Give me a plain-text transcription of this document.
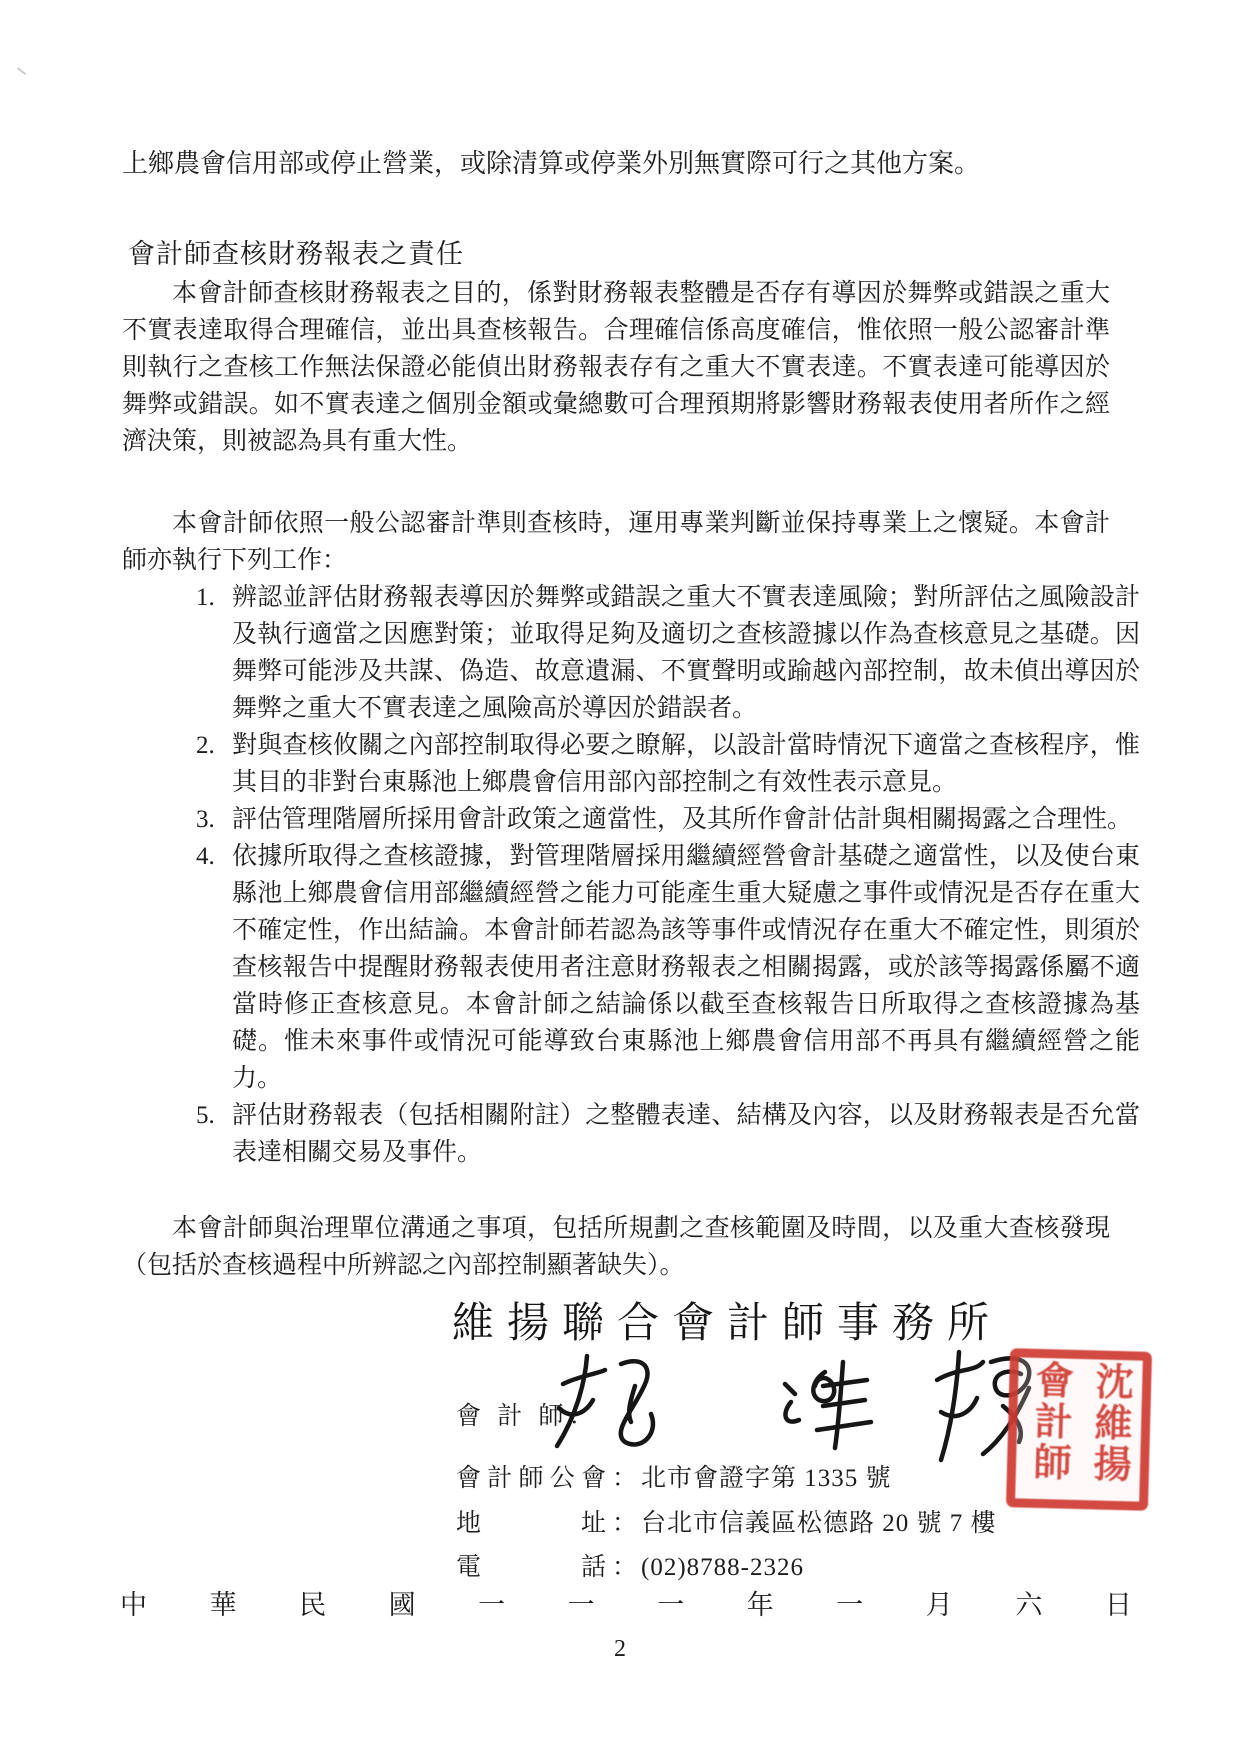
上鄉農會信用部或停止營業，或除清算或停業外別無實際可行之其他方案。
會計師查核財務報表之責任

本會計師查核財務報表之目的，係對財務報表整體是否存有導因於舞弊或錯誤之重大不實表達取得合理確信，並出具查核報告。合理確信係高度確信，惟依照一般公認審計準則執行之查核工作無法保證必能偵出財務報表存有之重大不實表達。不實表達可能導因於舞弊或錯誤。如不實表達之個別金額或彙總數可合理預期將影響財務報表使用者所作之經濟決策，則被認為具有重大性。

本會計師依照一般公認審計準則查核時，運用專業判斷並保持專業上之懷疑。本會計師亦執行下列工作：

1. 辨認並評估財務報表導因於舞弊或錯誤之重大不實表達風險；對所評估之風險設計及執行適當之因應對策；並取得足夠及適切之查核證據以作為查核意見之基礎。因舞弊可能涉及共謀、偽造、故意遺漏、不實聲明或踰越內部控制，故未偵出導因於舞弊之重大不實表達之風險高於導因於錯誤者。
2. 對與查核攸關之內部控制取得必要之瞭解，以設計當時情況下適當之查核程序，惟其目的非對台東縣池上鄉農會信用部內部控制之有效性表示意見。
3. 評估管理階層所採用會計政策之適當性，及其所作會計估計與相關揭露之合理性。
4. 依據所取得之查核證據，對管理階層採用繼續經營會計基礎之適當性，以及使台東縣池上鄉農會信用部繼續經營之能力可能產生重大疑慮之事件或情況是否存在重大不確定性，作出結論。本會計師若認為該等事件或情況存在重大不確定性，則須於查核報告中提醒財務報表使用者注意財務報表之相關揭露，或於該等揭露係屬不適當時修正查核意見。本會計師之結論係以截至查核報告日所取得之查核證據為基礎。惟未來事件或情況可能導致台東縣池上鄉農會信用部不再具有繼續經營之能力。
5. 評估財務報表（包括相關附註）之整體表達、結構及內容，以及財務報表是否允當表達相關交易及事件。

本會計師與治理單位溝通之事項，包括所規劃之查核範圍及時間，以及重大查核發現（包括於查核過程中所辨認之內部控制顯著缺失）。

維揚聯合會計師事務所
會 計 師：	沈維揚
會計師
會計師公會 ： 北市會證字第 1335 號
地址 ： 台北市信義區松德路 20 號 7 樓
電話 ： (02)8788-2326
中 華 民 國 一 一 一 年 一 月 六 日
2
